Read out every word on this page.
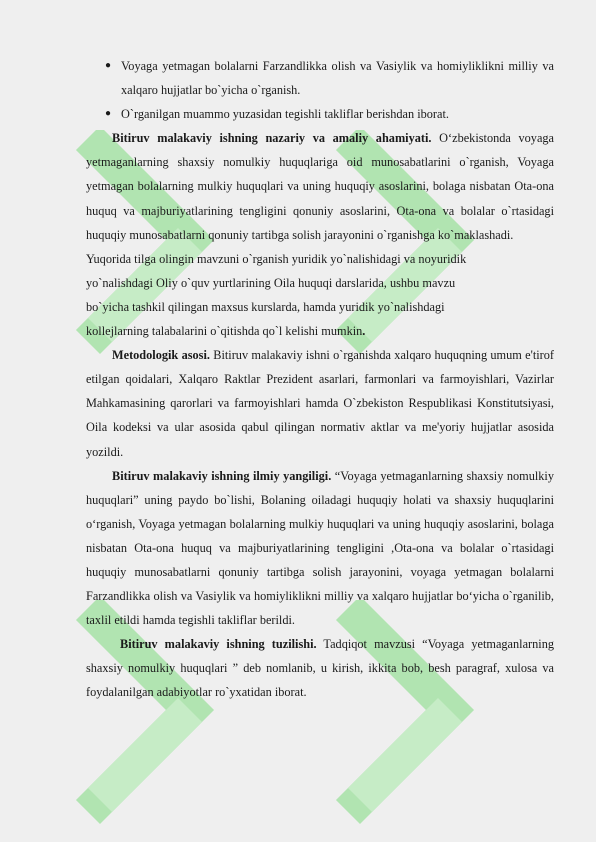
● Voyaga yetmagan bolalarni Farzandlikka olish va Vasiylik va homiyliklikni milliy va xalqaro hujjatlar bo`yicha o`rganish.
● O`rganilgan muammo yuzasidan tegishli takliflar berishdan iborat.

Bitiruv malakaviy ishning nazariy va amaliy ahamiyati. O‘zbekistonda voyaga yetmaganlarning shaxsiy nomulkiy huquqlariga oid munosabatlarini o`rganish, Voyaga yetmagan bolalarning mulkiy huquqlari va uning huquqiy asoslarini, bolaga nisbatan Ota-ona huquq va majburiyatlarining tengligini qonuniy asoslarini, Ota-ona va bolalar o`rtasidagi huquqiy munosabatlarni qonuniy tartibga solish jarayonini o`rganishga ko`maklashadi.

Yuqorida tilga olingin mavzuni o`rganish yuridik yo`nalishidagi va noyuridik
yo`nalishdagi Oliy o`quv yurtlarining Oila huquqi darslarida, ushbu mavzu
bo`yicha tashkil qilingan maxsus kurslarda, hamda yuridik yo`nalishdagi
kollejlarning talabalarini o`qitishda qo`l kelishi mumkin.

Metodologik asosi. Bitiruv malakaviy ishni o`rganishda xalqaro huquqning umum e'tirof etilgan qoidalari, Xalqaro Raktlar Prezident asarlari, farmonlari va farmoyishlari, Vazirlar Mahkamasining qarorlari va farmoyishlari hamda O`zbekiston Respublikasi Konstitutsiyasi, Oila kodeksi va ular asosida qabul qilingan normativ aktlar va me'yoriy hujjatlar asosida yozildi.

Bitiruv malakaviy ishning ilmiy yangiligi. “Voyaga yetmaganlarning shaxsiy nomulkiy huquqlari” uning paydo bo`lishi, Bolaning oiladagi huquqiy holati va shaxsiy huquqlarini o‘rganish, Voyaga yetmagan bolalarning mulkiy huquqlari va uning huquqiy asoslarini, bolaga nisbatan Ota-ona huquq va majburiyatlarining tengligini ,Ota-ona va bolalar o`rtasidagi huquqiy munosabatlarni qonuniy tartibga solish jarayonini, voyaga yetmagan bolalarni Farzandlikka olish va Vasiylik va homiyliklikni milliy va xalqaro hujjatlar bo‘yicha o`rganilib, taxlil etildi hamda tegishli takliflar berildi.

Bitiruv malakaviy ishning tuzilishi. Tadqiqot mavzusi “Voyaga yetmaganlarning shaxsiy nomulkiy huquqlari ” deb nomlanib, u kirish, ikkita bob, besh paragraf, xulosa va foydalanilgan adabiyotlar ro`yxatidan iborat.
